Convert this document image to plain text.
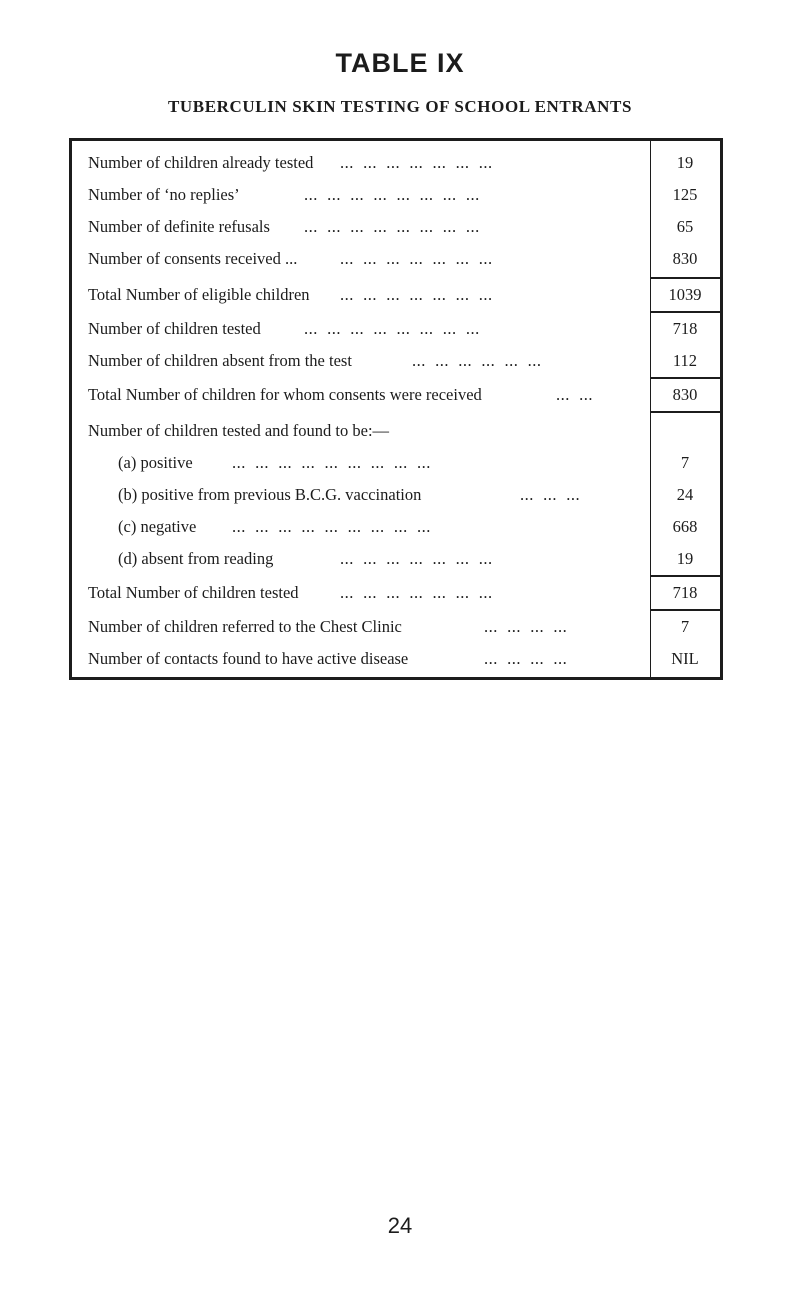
TABLE IX
TUBERCULIN SKIN TESTING OF SCHOOL ENTRANTS
Number of children already tested ...  ...  ...  ...  ...  ...  ...	19
Number of ‘no replies’	...  ...  ...  ...  ...  ...  ...  ...	125
Number of definite refusals ...  ...  ...  ...  ...  ...  ...  ...	65
Number of consents received ...	...  ...  ...  ...  ...  ...  ...	830
Total Number of eligible children ...  ...  ...  ...  ...  ...  ...	1039
Number of children tested	...  ...  ...  ...  ...  ...  ...  ...	718
Number of children absent from the test	...  ...  ...  ...  ...  ...	112
Total Number of children for whom consents were received	...  ...	830
Number of children tested and found to be:—
(a) positive ...  ...  ...  ...  ...  ...  ...  ...  ...	7
(b) positive from previous B.C.G. vaccination	...  ...  ...	24
(c) negative ...  ...  ...  ...  ...  ...  ...  ...  ...	668
(d) absent from reading	...  ...  ...  ...  ...  ...  ...	19
Total Number of children tested	...  ...  ...  ...  ...  ...  ...	718
Number of children referred to the Chest Clinic	...  ...  ...  ...	7
Number of contacts found to have active disease	...  ...  ...  ...	NIL
24
